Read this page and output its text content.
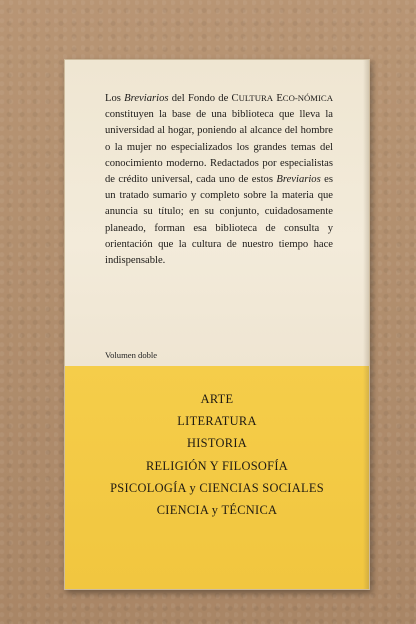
Los Breviarios del Fondo de CULTURA ECO-NÓMICA constituyen la base de una biblioteca que lleva la universidad al hogar, poniendo al alcance del hombre o la mujer no especializados los grandes temas del conocimiento moderno. Redactados por especialistas de crédito universal, cada uno de estos Breviarios es un tratado sumario y completo sobre la materia que anuncia su título; en su conjunto, cuidadosamente planeado, forman esa biblioteca de consulta y orientación que la cultura de nuestro tiempo hace indispensable.

Volumen doble
ARTE
LITERATURA
HISTORIA
RELIGIÓN Y FILOSOFÍA
PSICOLOGÍA y CIENCIAS SOCIALES
CIENCIA y TÉCNICA
